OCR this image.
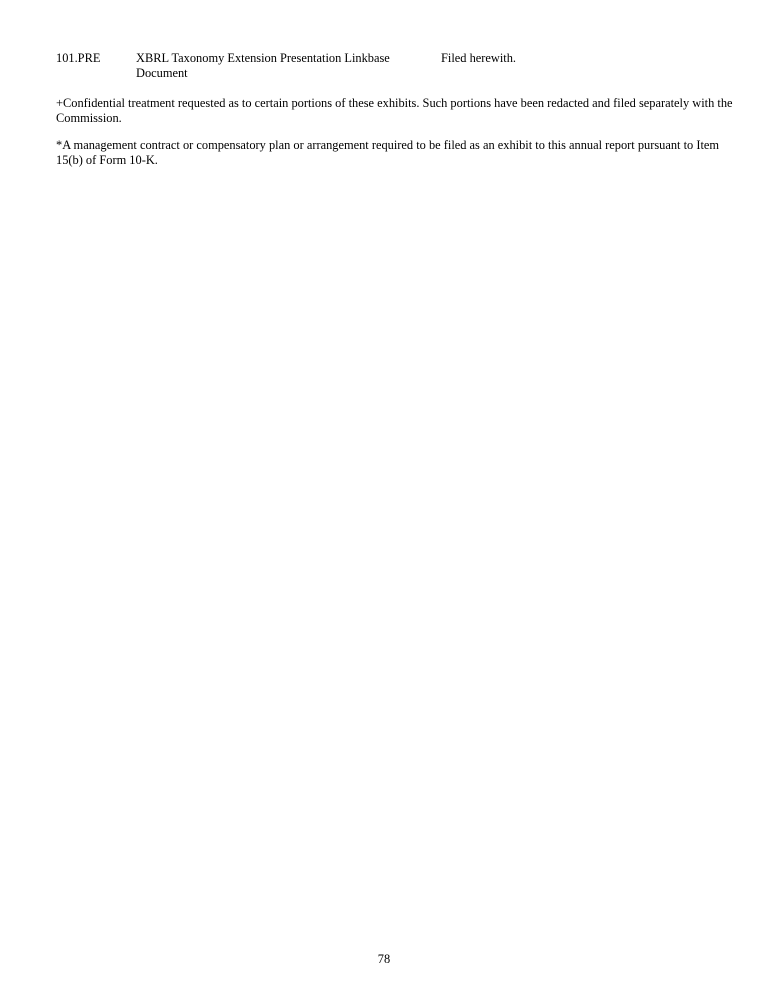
101.PRE	XBRL Taxonomy Extension Presentation Linkbase Document
Filed herewith.

+Confidential treatment requested as to certain portions of these exhibits. Such portions have been redacted and filed separately with the Commission.

*A management contract or compensatory plan or arrangement required to be filed as an exhibit to this annual report pursuant to Item 15(b) of Form 10-K.

78
